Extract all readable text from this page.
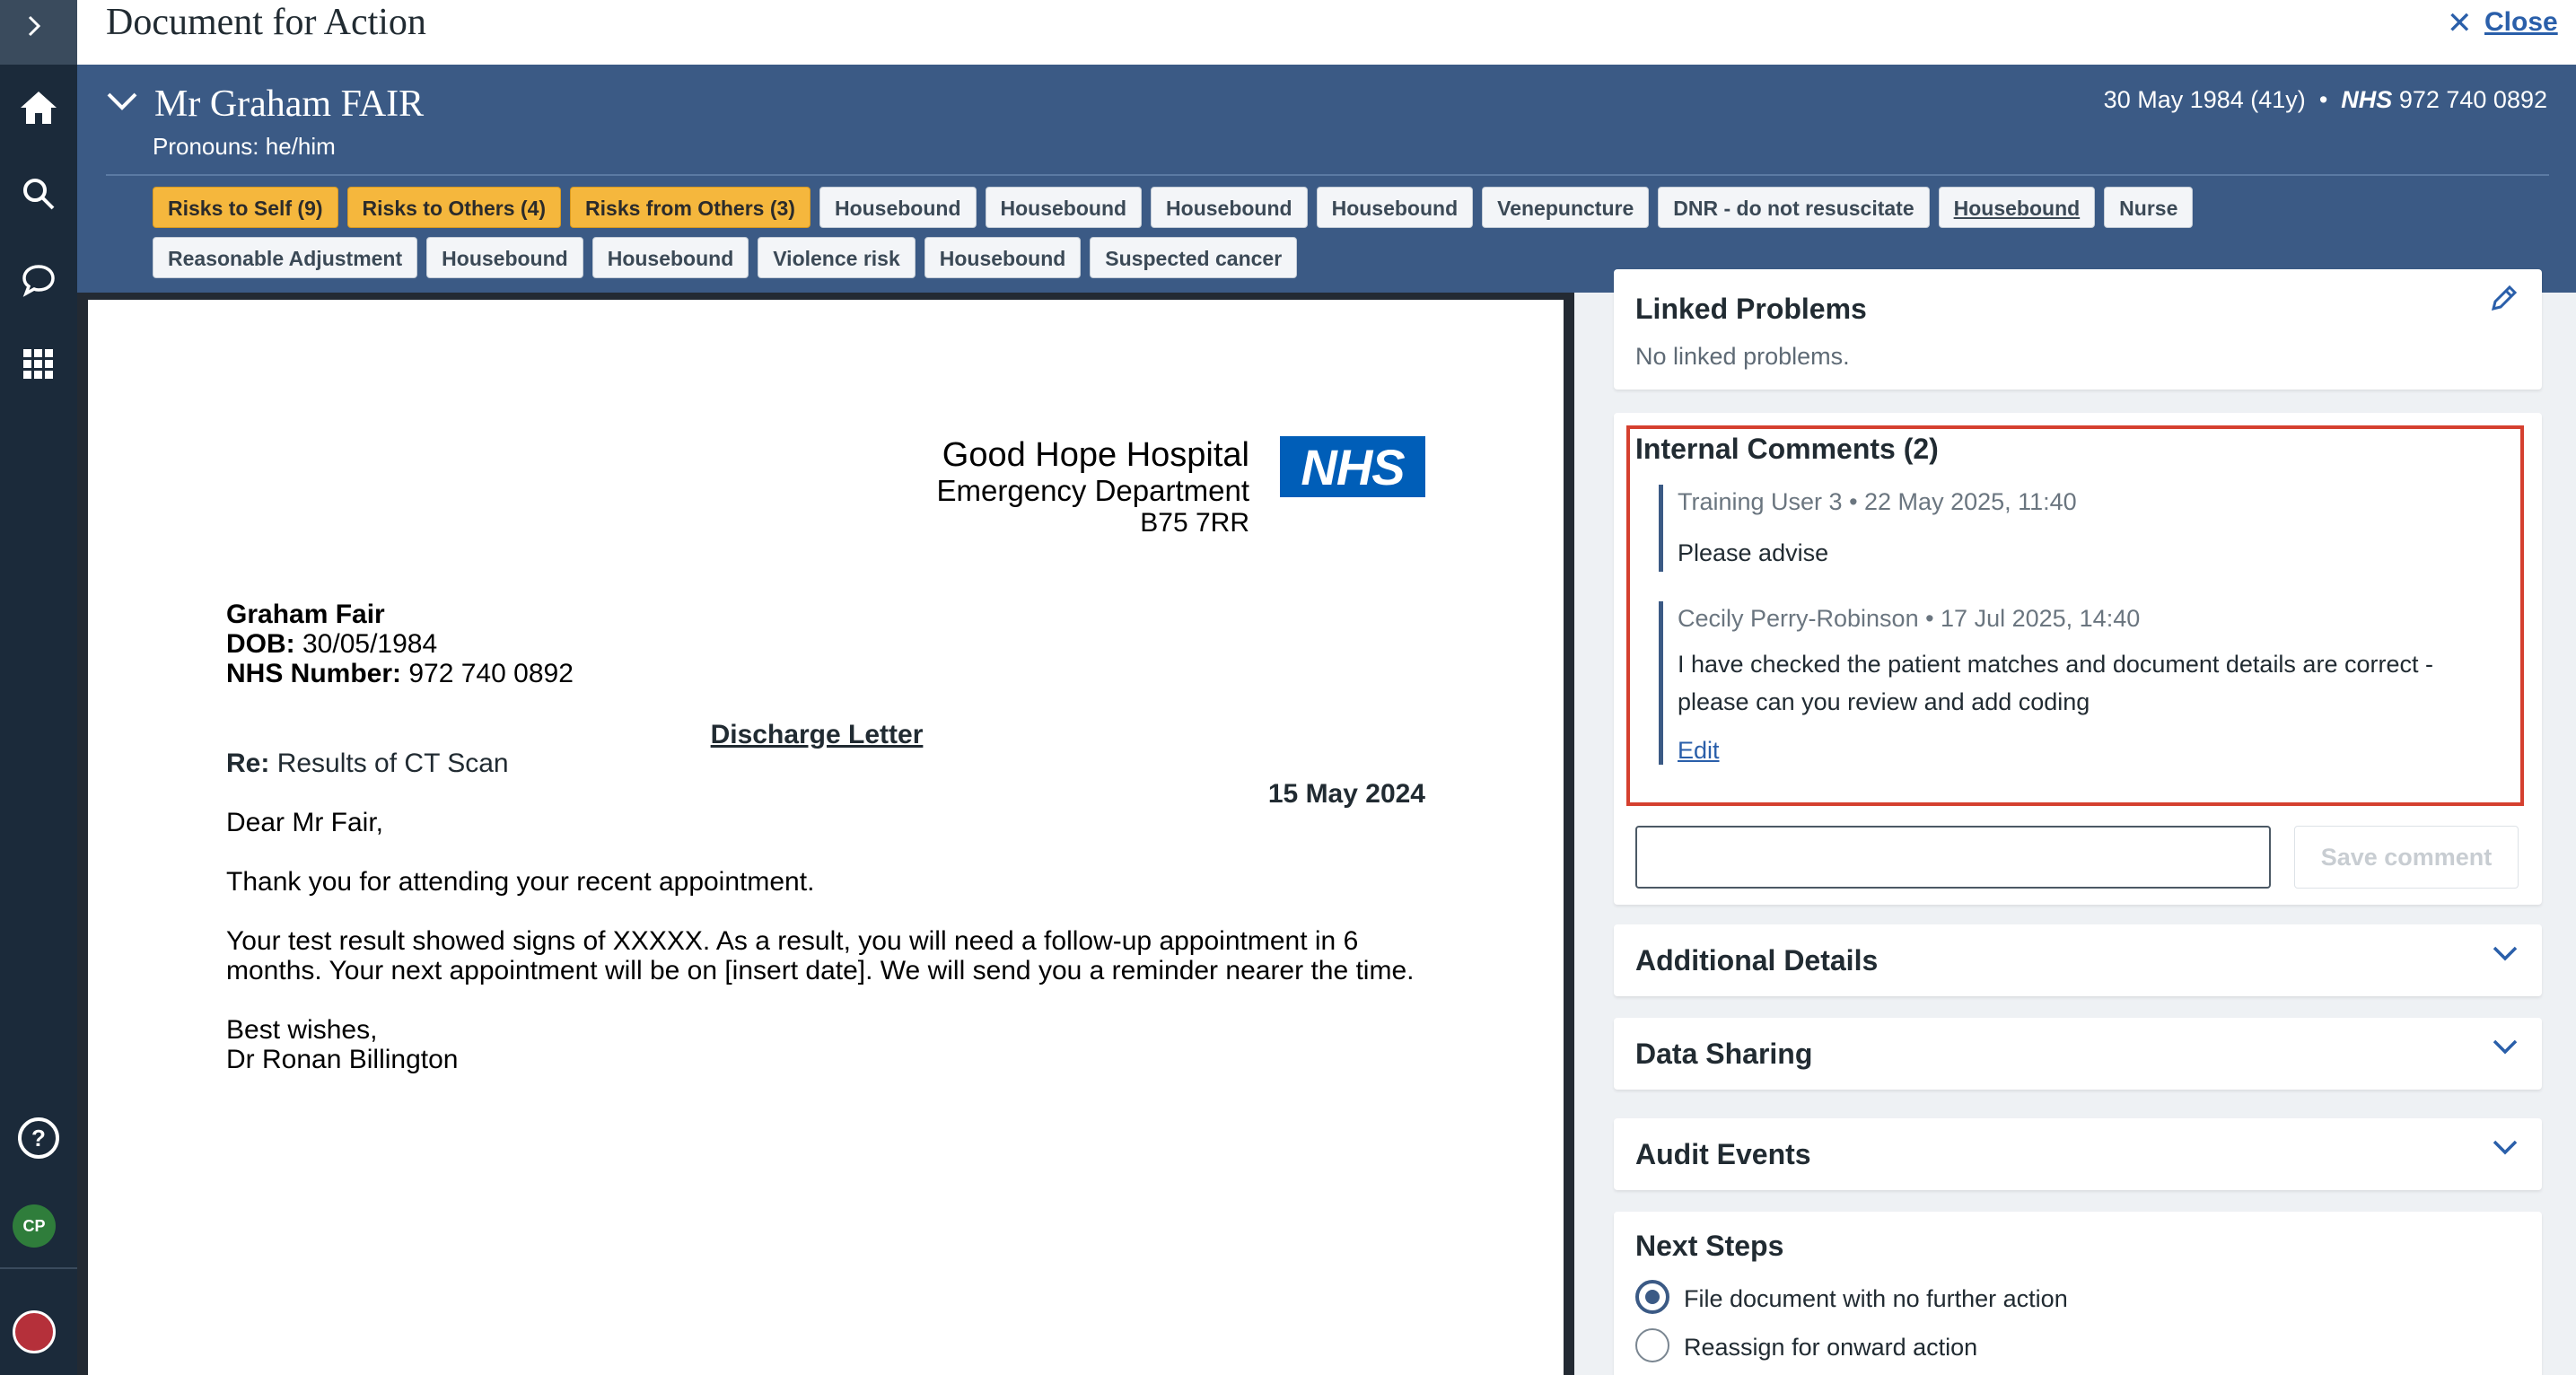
?
CP
Document for Action	✕ Close
Mr Graham FAIR
Pronouns: he/him
30 May 1984 (41y)  •  NHS 972 740 0892
Risks to Self (9)	Risks to Others (4)	Risks from Others (3)	Housebound	Housebound	Housebound	Housebound	Venepuncture	DNR - do not resuscitate	Housebound	Nurse
Reasonable Adjustment	Housebound	Housebound	Violence risk	Housebound	Suspected cancer
Good Hope Hospital
Emergency Department
B75 7RR
NHS
Graham Fair
DOB: 30/05/1984
NHS Number: 972 740 0892
Discharge Letter
Re: Results of CT Scan
15 May 2024

Dear Mr Fair,

Thank you for attending your recent appointment.

Your test result showed signs of XXXXX. As a result, you will need a follow-up appointment in 6 months. Your next appointment will be on [insert date]. We will send you a reminder nearer the time.

Best wishes,
Dr Ronan Billington
Linked Problems
No linked problems.
Internal Comments (2)
Training User 3 • 22 May 2025, 11:40
Please advise
Cecily Perry-Robinson • 17 Jul 2025, 14:40
I have checked the patient matches and document details are correct - please can you review and add coding
Edit
Save comment
Additional Details
Data Sharing
Audit Events
Next Steps
File document with no further action
Reassign for onward action
